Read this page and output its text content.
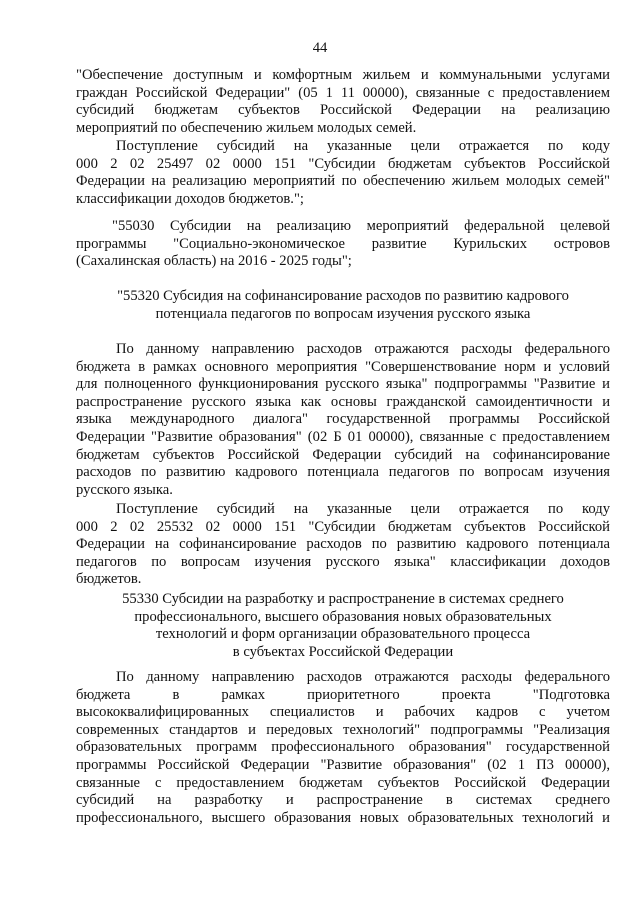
44
"Обеспечение доступным и комфортным жильем и коммунальными услугами
граждан Российской Федерации" (05 1 11 00000), связанные с предоставлением
субсидий бюджетам субъектов Российской Федерации на реализацию
мероприятий по обеспечению жильем молодых семей.
Поступление субсидий на указанные цели отражается по коду
000 2 02 25497 02 0000 151 "Субсидии бюджетам субъектов Российской
Федерации на реализацию мероприятий по обеспечению жильем молодых семей"
классификации доходов бюджетов.";
"55030 Субсидии на реализацию мероприятий федеральной целевой
программы "Социально-экономическое развитие Курильских островов
(Сахалинская область) на 2016 - 2025 годы";
"55320 Субсидия на софинансирование расходов по развитию кадрового
потенциала педагогов по вопросам изучения русского языка
По данному направлению расходов отражаются расходы федерального
бюджета в рамках основного мероприятия "Совершенствование норм и условий
для полноценного функционирования русского языка" подпрограммы "Развитие и
распространение русского языка как основы гражданской самоидентичности и
языка международного диалога" государственной программы Российской
Федерации "Развитие образования" (02 Б 01 00000), связанные с предоставлением
бюджетам субъектов Российской Федерации субсидий на софинансирование
расходов по развитию кадрового потенциала педагогов по вопросам изучения
русского языка.
Поступление субсидий на указанные цели отражается по коду
000 2 02 25532 02 0000 151 "Субсидии бюджетам субъектов Российской
Федерации на софинансирование расходов по развитию кадрового потенциала
педагогов по вопросам изучения русского языка" классификации доходов
бюджетов.
55330 Субсидии на разработку и распространение в системах среднего
профессионального, высшего образования новых образовательных
технологий и форм организации образовательного процесса
в субъектах Российской Федерации
По данному направлению расходов отражаются расходы федерального
бюджета в рамках приоритетного проекта "Подготовка
высококвалифицированных специалистов и рабочих кадров с учетом
современных стандартов и передовых технологий" подпрограммы "Реализация
образовательных программ профессионального образования" государственной
программы Российской Федерации "Развитие образования" (02 1 П3 00000),
связанные с предоставлением бюджетам субъектов Российской Федерации
субсидий на разработку и распространение в системах среднего
профессионального, высшего образования новых образовательных технологий и
